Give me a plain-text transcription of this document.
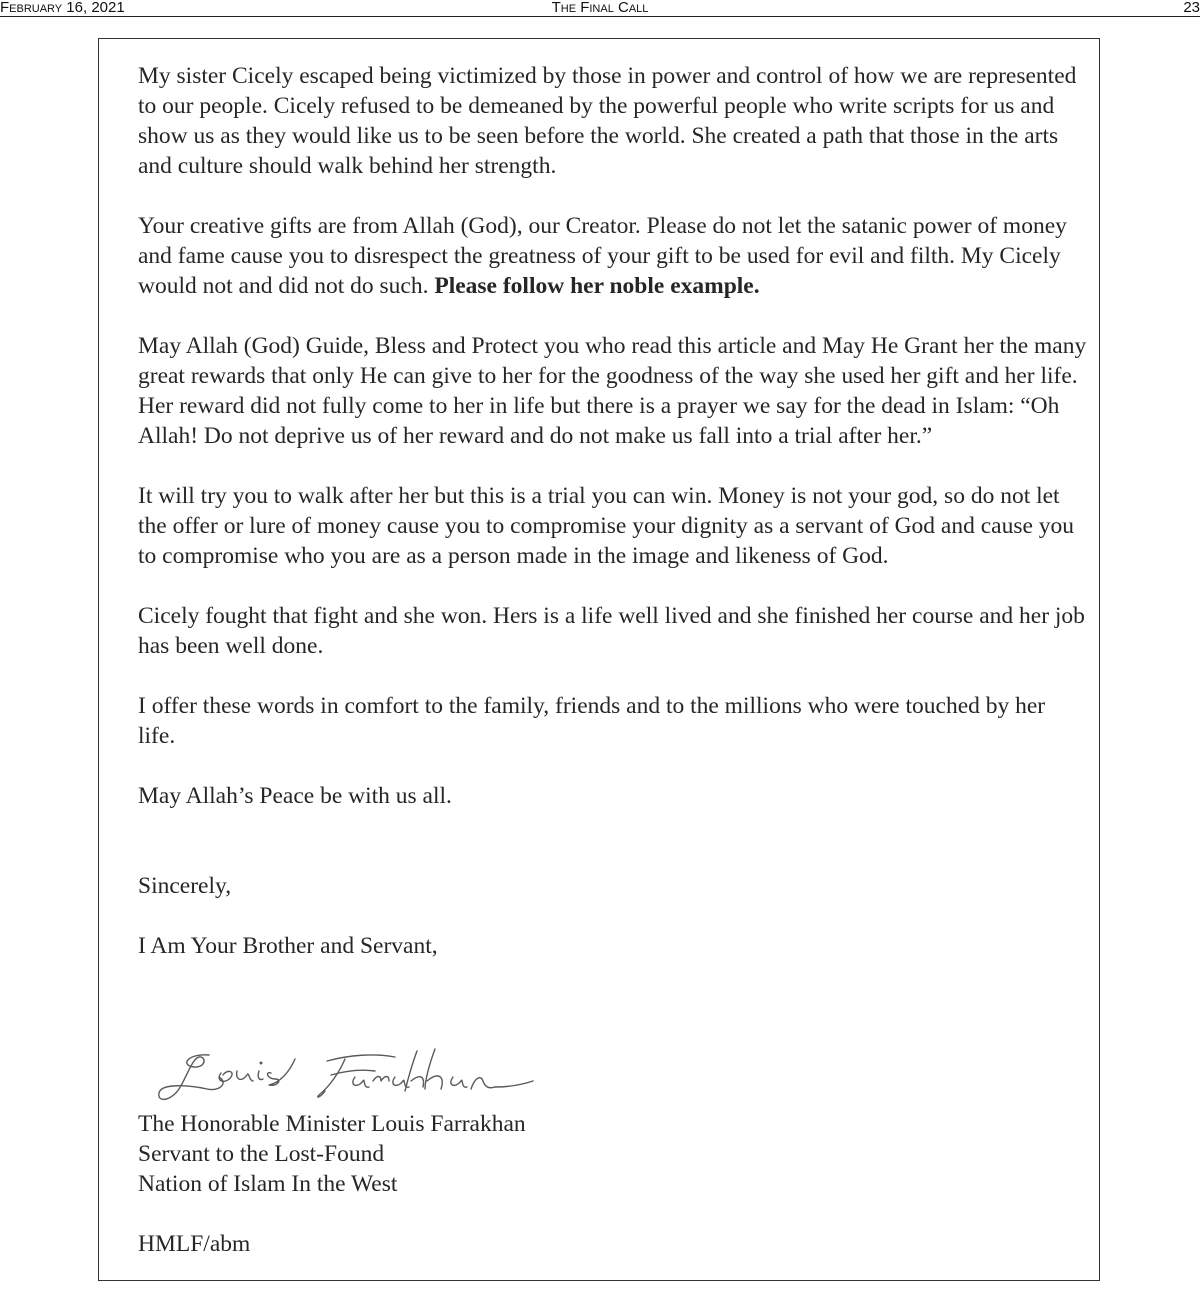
February 16, 2021	The Final Call	23

My sister Cicely escaped being victimized by those in power and control of how we are represented to our people. Cicely refused to be demeaned by the powerful people who write scripts for us and show us as they would like us to be seen before the world. She created a path that those in the arts and culture should walk behind her strength.

Your creative gifts are from Allah (God), our Creator. Please do not let the satanic power of money and fame cause you to disrespect the greatness of your gift to be used for evil and filth. My Cicely would not and did not do such. Please follow her noble example.

May Allah (God) Guide, Bless and Protect you who read this article and May He Grant her the many great rewards that only He can give to her for the goodness of the way she used her gift and her life. Her reward did not fully come to her in life but there is a prayer we say for the dead in Islam: “Oh Allah! Do not deprive us of her reward and do not make us fall into a trial after her.”

It will try you to walk after her but this is a trial you can win. Money is not your god, so do not let the offer or lure of money cause you to compromise your dignity as a servant of God and cause you to compromise who you are as a person made in the image and likeness of God.

Cicely fought that fight and she won. Hers is a life well lived and she finished her course and her job has been well done.

I offer these words in comfort to the family, friends and to the millions who were touched by her life.

May Allah’s Peace be with us all.

Sincerely,

I Am Your Brother and Servant,

The Honorable Minister Louis Farrakhan
Servant to the Lost-Found
Nation of Islam In the West
HMLF/abm
